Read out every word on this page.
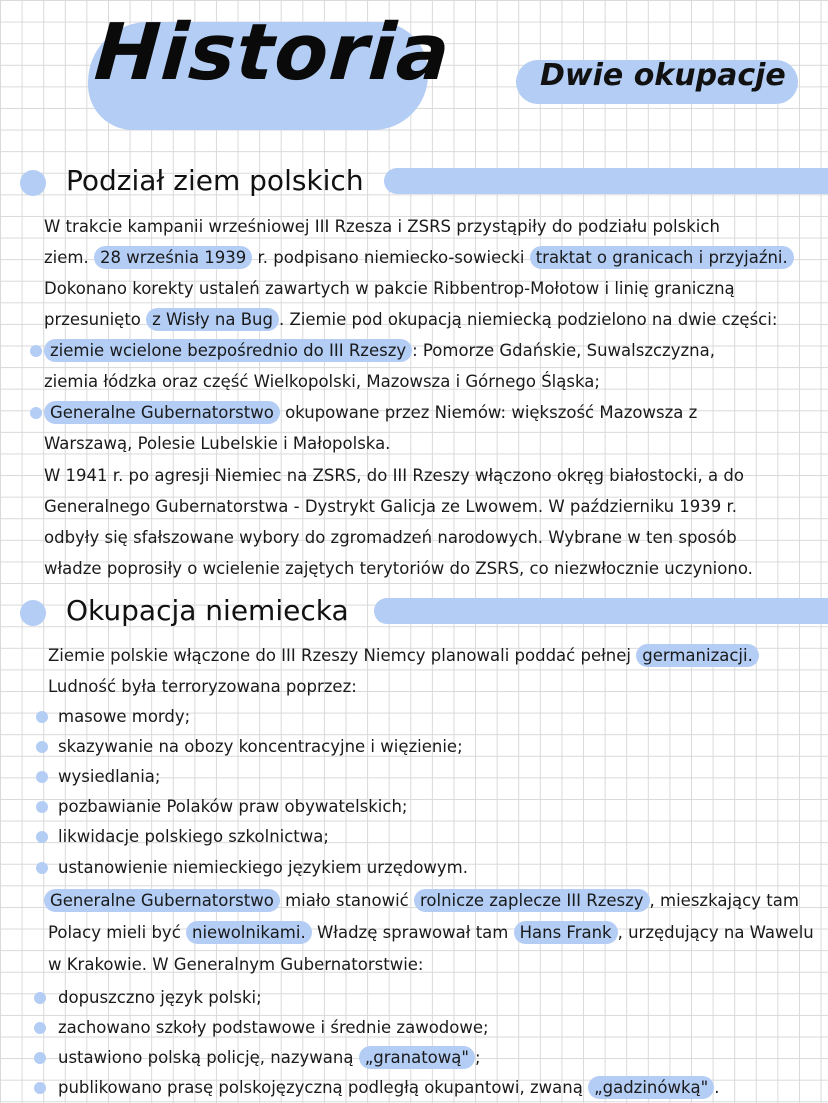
Historia	Dwie okupacje
Podział ziem polskich
W trakcie kampanii wrześniowej III Rzesza i ZSRS przystąpiły do podziału polskich
ziem. 28 września 1939 r. podpisano niemiecko-sowiecki traktat o granicach i przyjaźni.
Dokonano korekty ustaleń zawartych w pakcie Ribbentrop-Mołotow i linię graniczną
przesunięto z Wisły na Bug . Ziemie pod okupacją niemiecką podzielono na dwie części:
ziemie wcielone bezpośrednio do III Rzeszy : Pomorze Gdańskie, Suwalszczyzna,
ziemia łódzka oraz część Wielkopolski, Mazowsza i Górnego Śląska;
Generalne Gubernatorstwo okupowane przez Niemów: większość Mazowsza z
Warszawą, Polesie Lubelskie i Małopolska.
W 1941 r. po agresji Niemiec na ZSRS, do III Rzeszy włączono okręg białostocki, a do
Generalnego Gubernatorstwa - Dystrykt Galicja ze Lwowem. W październiku 1939 r.
odbyły się sfałszowane wybory do zgromadzeń narodowych. Wybrane w ten sposób
władze poprosiły o wcielenie zajętych terytoriów do ZSRS, co niezwłocznie uczyniono.
Okupacja niemiecka
Ziemie polskie włączone do III Rzeszy Niemcy planowali poddać pełnej germanizacji.
Ludność była terroryzowana poprzez:
masowe mordy;
skazywanie na obozy koncentracyjne i więzienie;
wysiedlania;
pozbawianie Polaków praw obywatelskich;
likwidacje polskiego szkolnictwa;
ustanowienie niemieckiego językiem urzędowym.
Generalne Gubernatorstwo miało stanowić rolnicze zaplecze III Rzeszy , mieszkający tam
Polacy mieli być niewolnikami. Władzę sprawował tam Hans Frank , urzędujący na Wawelu
w Krakowie. W Generalnym Gubernatorstwie:
dopuszczno język polski;
zachowano szkoły podstawowe i średnie zawodowe;
ustawiono polską policję, nazywaną „granatową" ;
publikowano prasę polskojęzyczną podległą okupantowi, zwaną „gadzinówką" .
